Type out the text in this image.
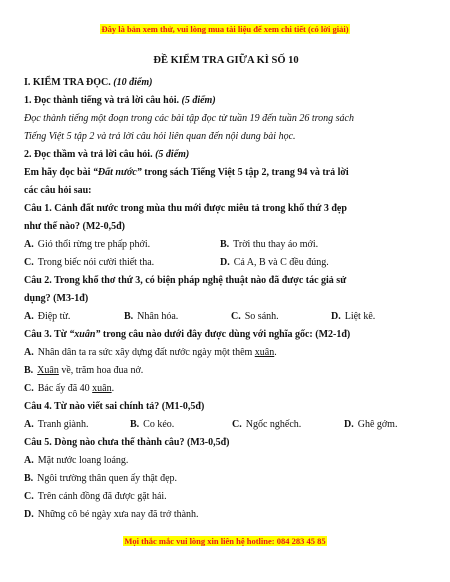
Đây là bản xem thử, vui lòng mua tài liệu để xem chi tiết (có lời giải)
ĐỀ KIỂM TRA GIỮA KÌ SỐ 10
I. KIỂM TRA ĐỌC. (10 điểm)
1. Đọc thành tiếng và trả lời câu hỏi. (5 điểm)
Đọc thành tiếng một đoạn trong các bài tập đọc từ tuần 19 đến tuần 26 trong sách
Tiếng Việt 5 tập 2 và trả lời câu hỏi liên quan đến nội dung bài học.
2. Đọc thầm và trả lời câu hỏi. (5 điểm)
Em hãy đọc bài “Đất nước” trong sách Tiếng Việt 5 tập 2, trang 94 và trả lời
các câu hỏi sau:
Câu 1. Cảnh đất nước trong mùa thu mới được miêu tả trong khổ thứ 3 đẹp
như thế nào? (M2-0,5đ)
A. Gió thổi rừng tre phấp phới.	B. Trời thu thay áo mới.
C. Trong biếc nói cười thiết tha.	D. Cả A, B và C đều đúng.
Câu 2. Trong khổ thơ thứ 3, có biện pháp nghệ thuật nào đã được tác giả sử
dụng? (M3-1đ)
A. Điệp từ.	B. Nhân hóa.	C. So sánh.	D. Liệt kê.
Câu 3. Từ “xuân” trong câu nào dưới đây được dùng với nghĩa gốc: (M2-1đ)
A. Nhân dân ta ra sức xây dựng đất nước ngày một thêm xuân.
B. Xuân về, trăm hoa đua nở.
C. Bác ấy đã 40 xuân.
Câu 4. Từ nào viết sai chính tả? (M1-0,5đ)
A. Tranh giành.	B. Co kéo.	C. Ngốc nghếch.	D. Ghê gớm.
Câu 5. Dòng nào chưa thể thành câu? (M3-0,5đ)
A. Mặt nước loang loáng.
B. Ngôi trường thân quen ấy thật đẹp.
C. Trên cánh đồng đã được gặt hái.
D. Những cô bé ngày xưa nay đã trở thành.
Mọi thắc mắc vui lòng xin liên hệ hotline: 084 283 45 85
